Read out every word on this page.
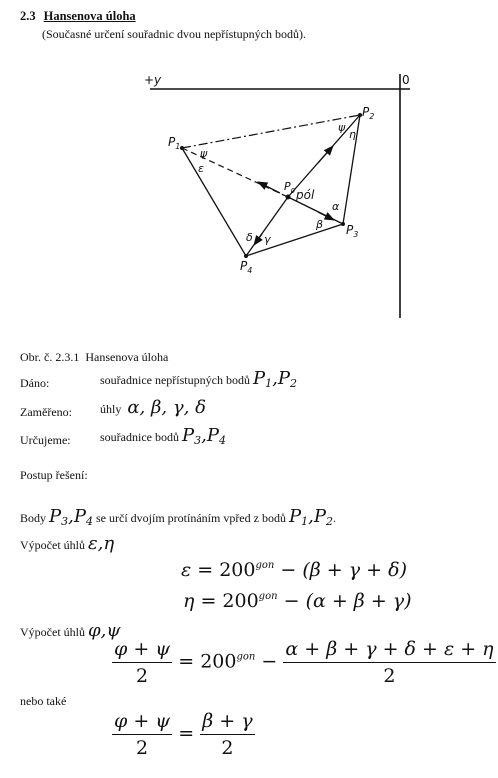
2.3 Hansenova úloha
(Současné určení souřadnic dvou nepřístupných bodů).
+y	0
$P_1$
$P_2$
$P_3$
$P_4$
$P_0$ pól
ψ
ε
ψ
η
α
β
γ
δ
Obr. č. 2.3.1 Hansenova úloha
Dáno:	souřadnice nepřístupných bodů $P_1,P_2$
Zaměřeno: úhly α, β, γ, δ
Určujeme: souřadnice bodů $P_3,P_4$
Postup řešení:
Body $P_3,P_4$ se určí dvojím protínáním vpřed z bodů $P_1,P_2$.
Výpočet úhlů ε,η
$\varepsilon = 200^{gon} - (\beta + \gamma + \delta)$
$\eta = 200^{gon} - (\alpha + \beta + \gamma)$
Výpočet úhlů φ,ψ
$\frac{\varphi + \psi}{2} = 200^{gon} - \frac{\alpha + \beta + \gamma + \delta + \varepsilon + \eta}{2}$
nebo také
$\frac{\varphi + \psi}{2} = \frac{\beta + \gamma}{2}$
